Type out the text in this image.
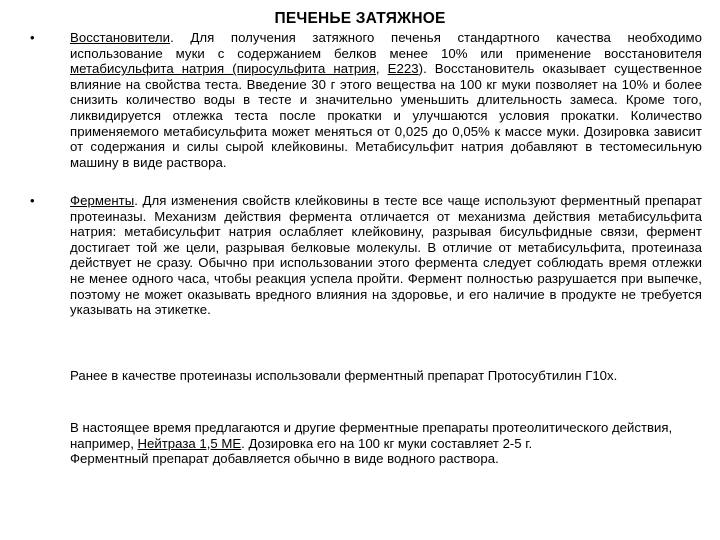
ПЕЧЕНЬЕ ЗАТЯЖНОЕ
•	Восстановители. Для получения затяжного печенья стандартного качества необходимо использование муки с содержанием белков менее 10% или применение восстановителя метабисульфита натрия (пиросульфита натрия, Е223). Восстановитель оказывает существенное влияние на свойства теста. Введение 30 г этого вещества на 100 кг муки позволяет на 10% и более снизить количество воды в тесте и значительно уменьшить длительность замеса. Кроме того, ликвидируется отлежка теста после прокатки и улучшаются условия прокатки. Количество применяемого метабисульфита может меняться от 0,025 до 0,05% к массе муки. Дозировка зависит от содержания и силы сырой клейковины. Метабисульфит натрия добавляют в тестомесильную машину в виде раствора.
•	Ферменты. Для изменения свойств клейковины в тесте все чаще используют ферментный препарат протеиназы. Механизм действия фермента отличается от механизма действия метабисульфита натрия: метабисульфит натрия ослабляет клейковину, разрывая бисульфидные связи, фермент достигает той же цели, разрывая белковые молекулы. В отличие от метабисульфита, протеиназа действует не сразу. Обычно при использовании этого фермента следует соблюдать время отлежки не менее одного часа, чтобы реакция успела пройти. Фермент полностью разрушается при выпечке, поэтому не может оказывать вредного влияния на здоровье, и его наличие в продукте не требуется указывать на этикетке.

Ранее в качестве протеиназы использовали ферментный препарат Протосубтилин Г10х.

В настоящее время предлагаются и другие ферментные препараты протеолитического действия, например, Нейтраза 1,5 МЕ. Дозировка его на 100 кг муки составляет 2-5 г.
Ферментный препарат добавляется обычно в виде водного раствора.
